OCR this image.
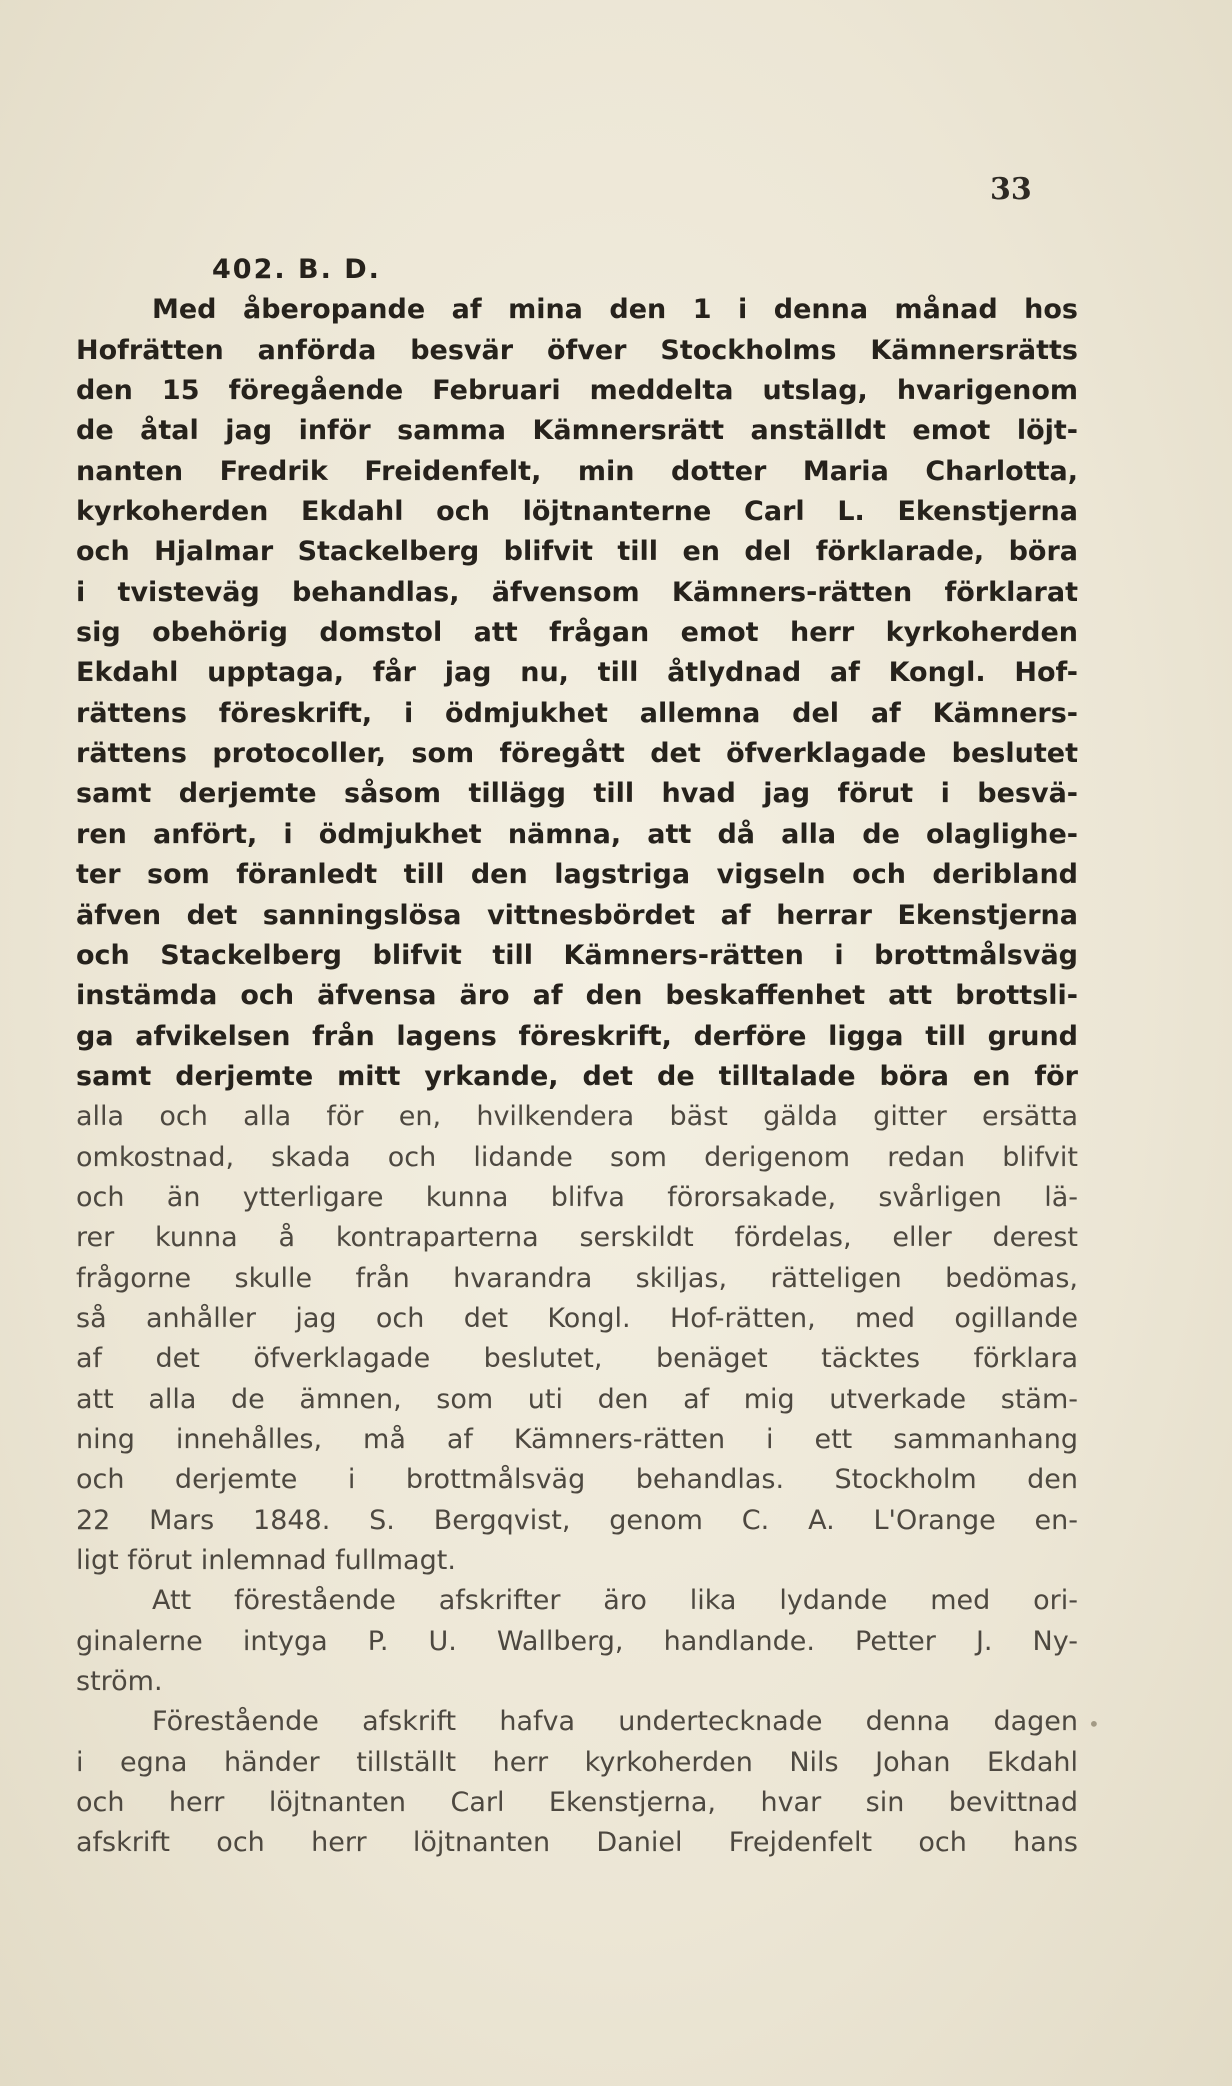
33
402. B. D.
Med åberopande af mina den 1 i denna månad hos
Hofrätten anförda besvär öfver Stockholms Kämnersrätts
den 15 föregående Februari meddelta utslag, hvarigenom
de åtal jag inför samma Kämnersrätt anställdt emot löjt-
nanten Fredrik Freidenfelt, min dotter Maria Charlotta,
kyrkoherden Ekdahl och löjtnanterne Carl L. Ekenstjerna
och Hjalmar Stackelberg blifvit till en del förklarade, böra
i tvisteväg behandlas, äfvensom Kämners-rätten förklarat
sig obehörig domstol att frågan emot herr kyrkoherden
Ekdahl upptaga, får jag nu, till åtlydnad af Kongl. Hof-
rättens föreskrift, i ödmjukhet allemna del af Kämners-
rättens protocoller, som föregått det öfverklagade beslutet
samt derjemte såsom tillägg till hvad jag förut i besvä-
ren anfört, i ödmjukhet nämna, att då alla de olaglighe-
ter som föranledt till den lagstriga vigseln och deribland
äfven det sanningslösa vittnesbördet af herrar Ekenstjerna
och Stackelberg blifvit till Kämners-rätten i brottmålsväg
instämda och äfvensa äro af den beskaffenhet att brottsli-
ga afvikelsen från lagens föreskrift, derföre ligga till grund
samt derjemte mitt yrkande, det de tilltalade böra en för
alla och alla för en, hvilkendera bäst gälda gitter ersätta
omkostnad, skada och lidande som derigenom redan blifvit
och än ytterligare kunna blifva förorsakade, svårligen lä-
rer kunna å kontraparterna serskildt fördelas, eller derest
frågorne skulle från hvarandra skiljas, rätteligen bedömas,
så anhåller jag och det Kongl. Hof-rätten, med ogillande
af det öfverklagade beslutet, benäget täcktes förklara
att alla de ämnen, som uti den af mig utverkade stäm-
ning innehålles, må af Kämners-rätten i ett sammanhang
och derjemte i brottmålsväg behandlas. Stockholm den
22 Mars 1848. S. Bergqvist, genom C. A. L'Orange en-
ligt förut inlemnad fullmagt.
Att förestående afskrifter äro lika lydande med ori-
ginalerne intyga P. U. Wallberg, handlande. Petter J. Ny-
ström.
Förestående afskrift hafva undertecknade denna dagen
i egna händer tillställt herr kyrkoherden Nils Johan Ekdahl
och herr löjtnanten Carl Ekenstjerna, hvar sin bevittnad
afskrift och herr löjtnanten Daniel Frejdenfelt och hans
•
